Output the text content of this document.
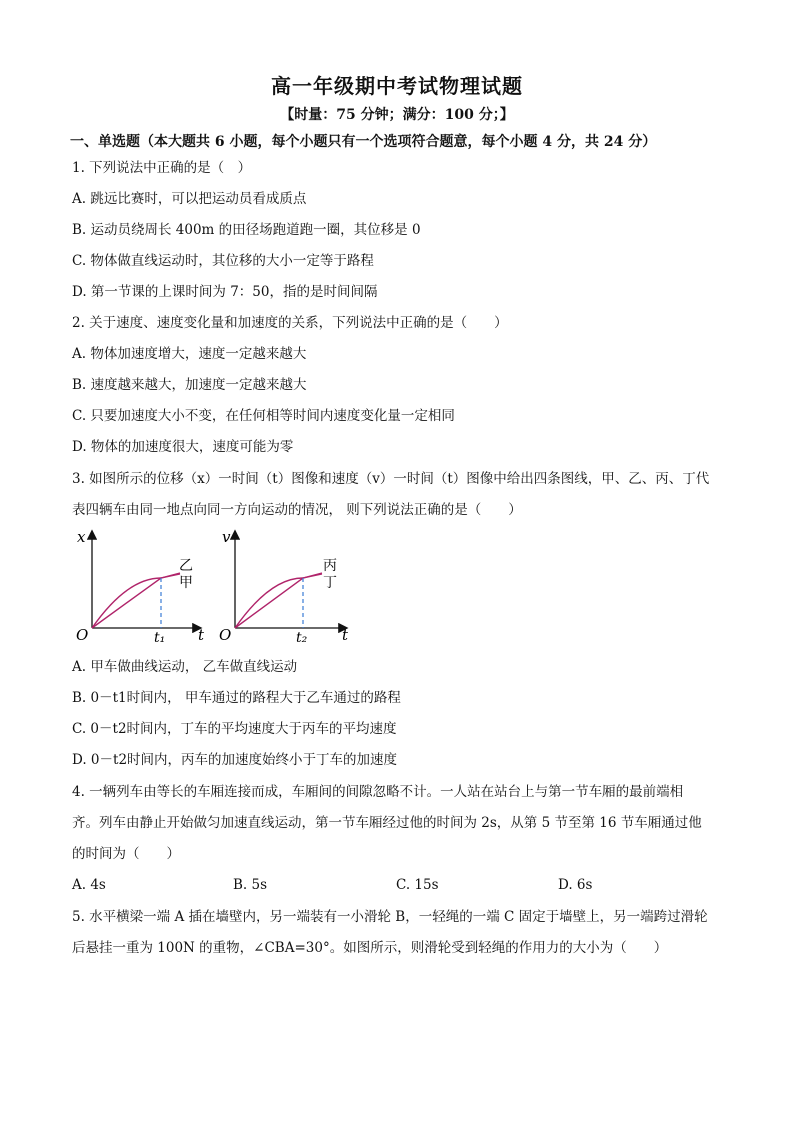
高一年级期中考试物理试题
【时量：75 分钟；满分：100 分；】
一、单选题（本大题共 6 小题，每个小题只有一个选项符合题意，每个小题 4 分，共 24 分）
1. 下列说法中正确的是（　）
A. 跳远比赛时，可以把运动员看成质点
B. 运动员绕周长 400m 的田径场跑道跑一圈，其位移是 0
C. 物体做直线运动时，其位移的大小一定等于路程
D. 第一节课的上课时间为 7：50，指的是时间间隔
2. 关于速度、速度变化量和加速度的关系，下列说法中正确的是（　　）
A. 物体加速度增大，速度一定越来越大
B. 速度越来越大，加速度一定越来越大
C. 只要加速度大小不变，在任何相等时间内速度变化量一定相同
D. 物体的加速度很大，速度可能为零
3. 如图所示的位移（x）一时间（t）图像和速度（v）一时间（t）图像中给出四条图线，甲、乙、丙、丁代
表四辆车由同一地点向同一方向运动的情况， 则下列说法正确的是（　　）
x
t
O	t₁
乙
甲
v
t
O	t₂
丙
丁
A. 甲车做曲线运动， 乙车做直线运动
B. 0－t1时间内， 甲车通过的路程大于乙车通过的路程
C. 0－t2时间内，丁车的平均速度大于丙车的平均速度
D. 0－t2时间内，丙车的加速度始终小于丁车的加速度
4. 一辆列车由等长的车厢连接而成，车厢间的间隙忽略不计。一人站在站台上与第一节车厢的最前端相
齐。列车由静止开始做匀加速直线运动，第一节车厢经过他的时间为 2s，从第 5 节至第 16 节车厢通过他
的时间为（　　）
A. 4s	B. 5s	C. 15s	D. 6s
5. 水平横梁一端 A 插在墙壁内，另一端装有一小滑轮 B，一轻绳的一端 C 固定于墙壁上，另一端跨过滑轮
后悬挂一重为 100N 的重物，∠CBA=30°。如图所示，则滑轮受到轻绳的作用力的大小为（　　）
